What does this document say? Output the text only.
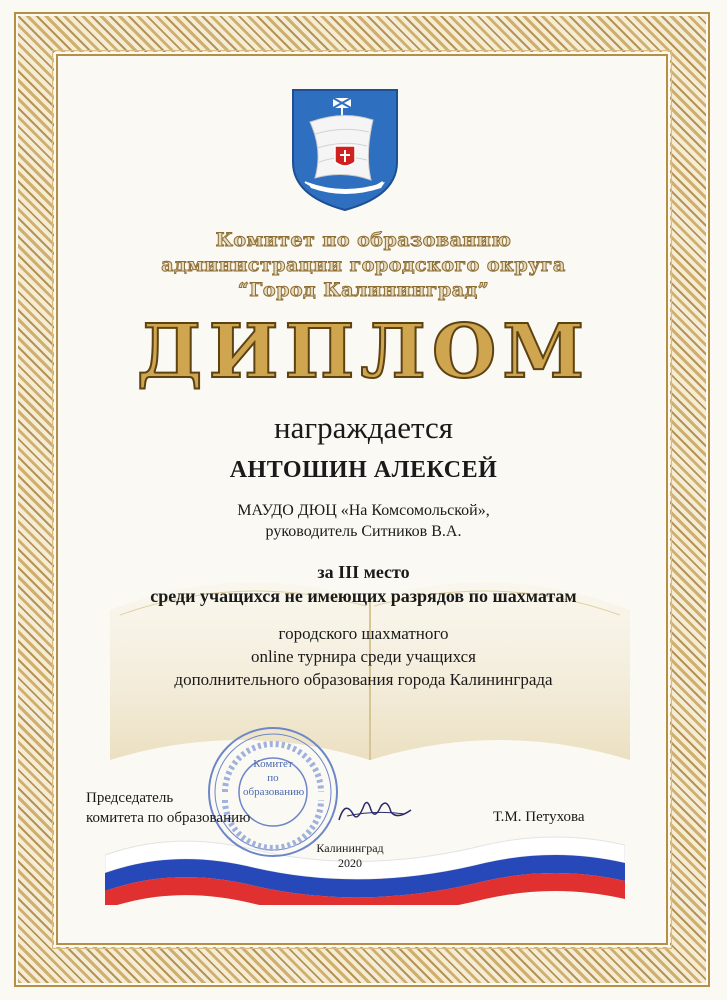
Комитет по образованию
администрации городского округа
“Город Калининград”
ДИПЛОМ
награждается
АНТОШИН АЛЕКСЕЙ
МАУДО ДЮЦ «На Комсомольской»,
руководитель Ситников В.А.
за III место
среди учащихся не имеющих разрядов по шахматам
городского шахматного
online турнира среди учащихся
дополнительного образования города Калининграда
Комитет
по
образованию
Председатель
комитета по образованию	Т.М. Петухова
Калининград
2020
